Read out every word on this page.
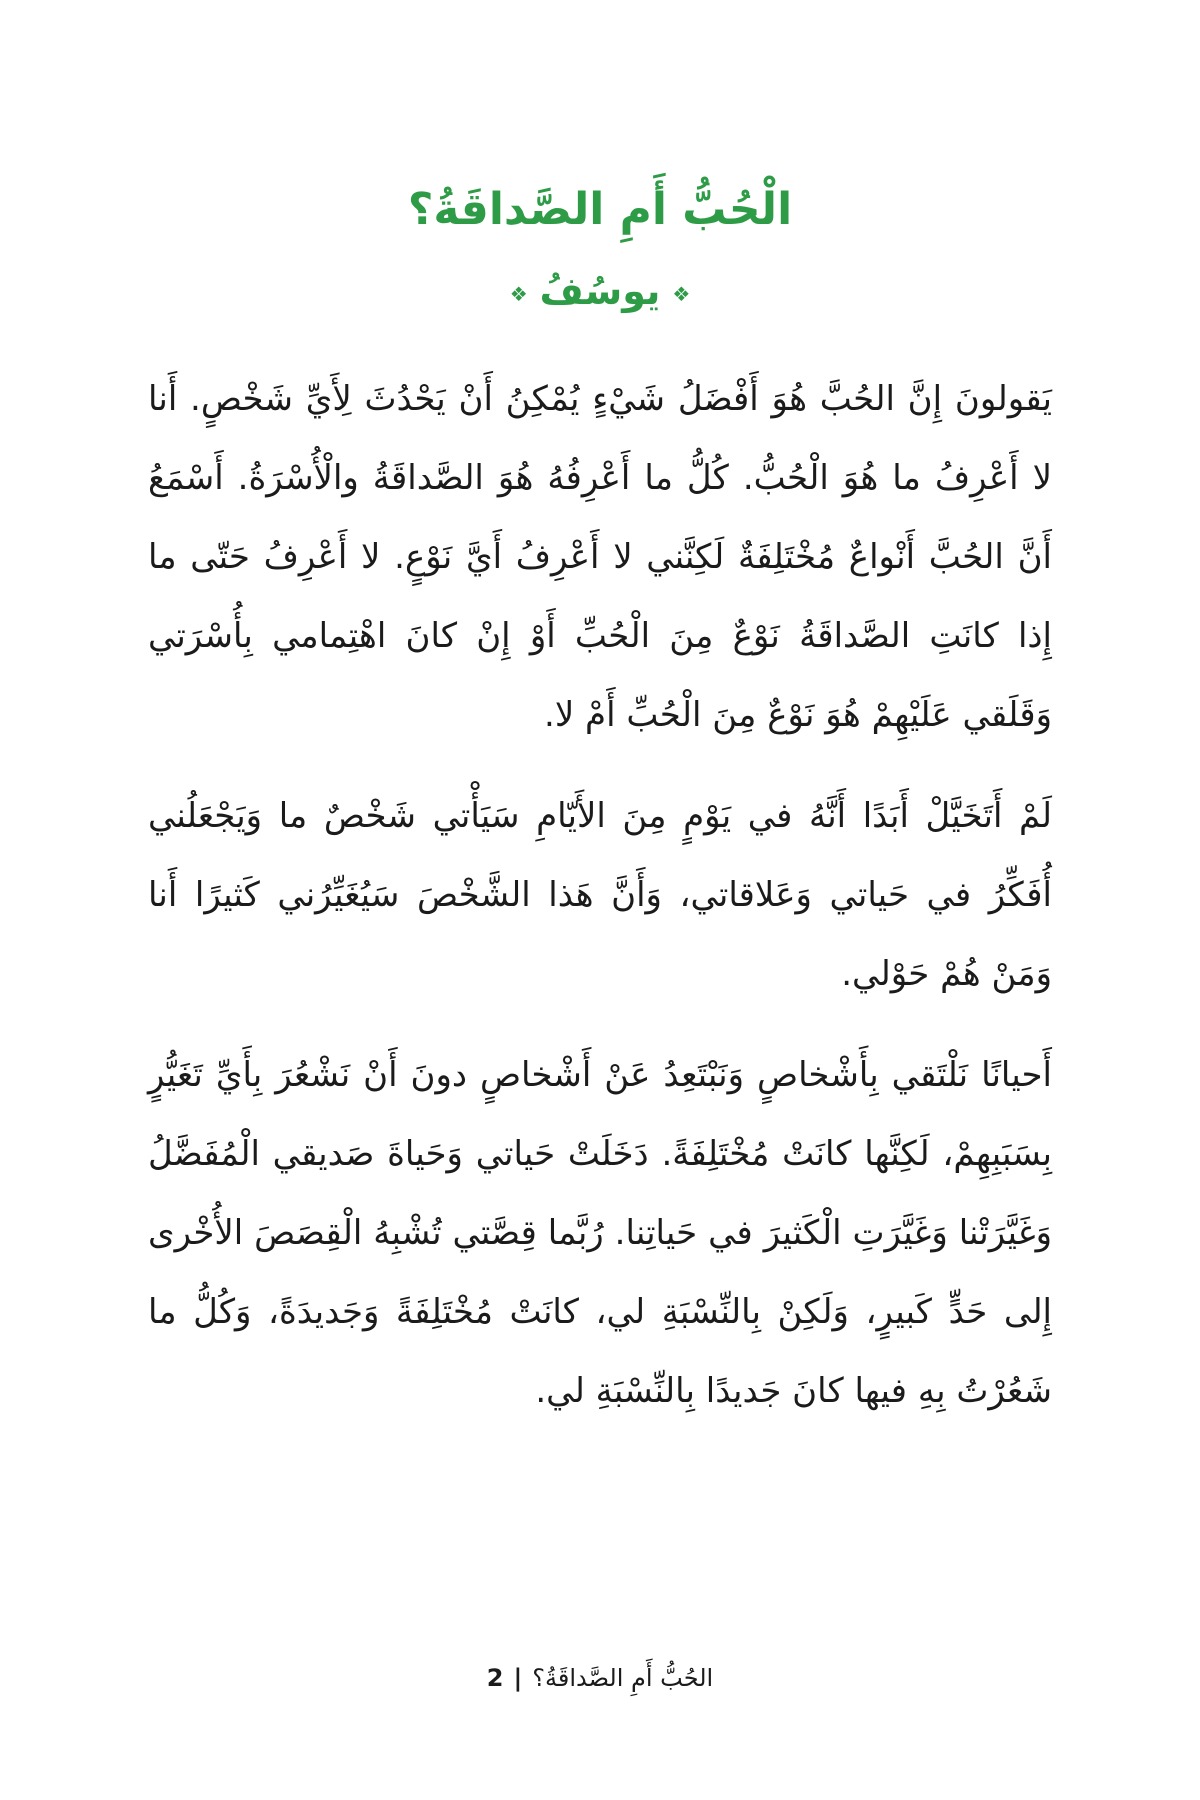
الْحُبُّ أَمِ الصَّداقَةُ؟
❖يوسُفُ❖

يَقولونَ إِنَّ الحُبَّ هُوَ أَفْضَلُ شَيْءٍ يُمْكِنُ أَنْ يَحْدُثَ لِأَيِّ شَخْصٍ. أَنا لا أَعْرِفُ ما هُوَ الْحُبُّ. كُلُّ ما أَعْرِفُهُ هُوَ الصَّداقَةُ والْأُسْرَةُ. أَسْمَعُ أَنَّ الحُبَّ أَنْواعٌ مُخْتَلِفَةٌ لَكِنَّني لا أَعْرِفُ أَيَّ نَوْعٍ. لا أَعْرِفُ حَتّى ما إِذا كانَتِ الصَّداقَةُ نَوْعٌ مِنَ الْحُبِّ أَوْ إِنْ كانَ اهْتِمامي بِأُسْرَتي وَقَلَقي عَلَيْهِمْ هُوَ نَوْعٌ مِنَ الْحُبِّ أَمْ لا.

لَمْ أَتَخَيَّلْ أَبَدًا أَنَّهُ في يَوْمٍ مِنَ الأَيّامِ سَيَأْتي شَخْصٌ ما وَيَجْعَلُني أُفَكِّرُ في حَياتي وَعَلاقاتي، وَأَنَّ هَذا الشَّخْصَ سَيُغَيِّرُني كَثيرًا أَنا وَمَنْ هُمْ حَوْلي.

أَحيانًا نَلْتَقي بِأَشْخاصٍ وَنَبْتَعِدُ عَنْ أَشْخاصٍ دونَ أَنْ نَشْعُرَ بِأَيِّ تَغَيُّرٍ بِسَبَبِهِمْ، لَكِنَّها كانَتْ مُخْتَلِفَةً. دَخَلَتْ حَياتي وَحَياةَ صَديقي الْمُفَضَّلُ وَغَيَّرَتْنا وَغَيَّرَتِ الْكَثيرَ في حَياتِنا. رُبَّما قِصَّتي تُشْبِهُ الْقِصَصَ الأُخْرى إِلى حَدٍّ كَبيرٍ، وَلَكِنْ بِالنِّسْبَةِ لي، كانَتْ مُخْتَلِفَةً وَجَديدَةً، وَكُلُّ ما شَعُرْتُ بِهِ فيها كانَ جَديدًا بِالنِّسْبَةِ لي.

الحُبُّ أَمِ الصَّداقَةُ؟|2
